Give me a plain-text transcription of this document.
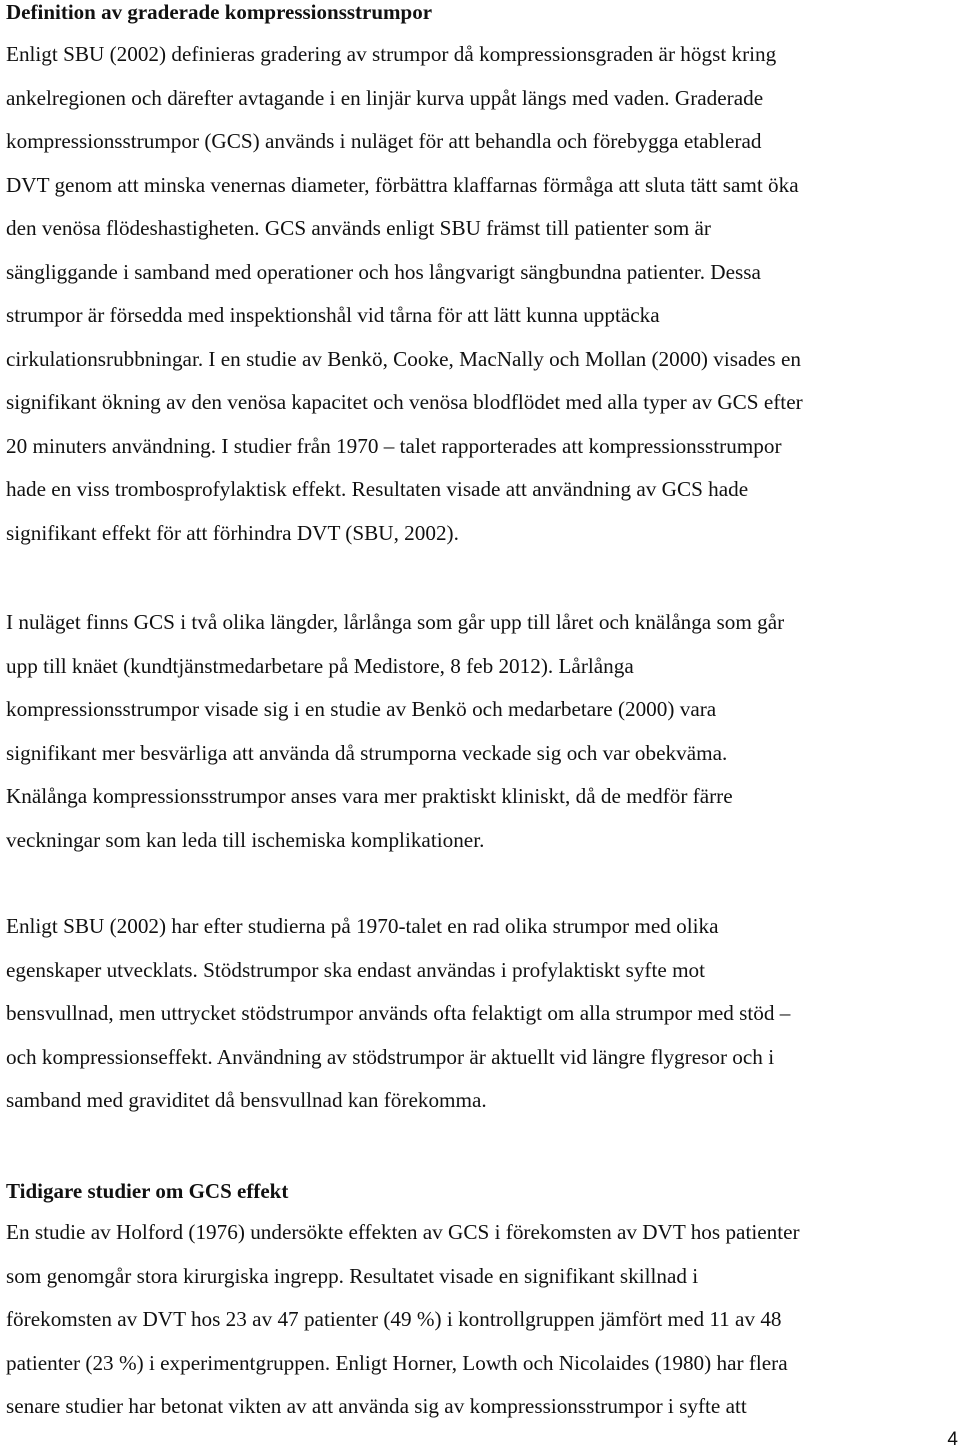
Definition av graderade kompressionsstrumpor

Enligt SBU (2002) definieras gradering av strumpor då kompressionsgraden är högst kring
ankelregionen och därefter avtagande i en linjär kurva uppåt längs med vaden. Graderade
kompressionsstrumpor (GCS) används i nuläget för att behandla och förebygga etablerad
DVT genom att minska venernas diameter, förbättra klaffarnas förmåga att sluta tätt samt öka
den venösa flödeshastigheten. GCS används enligt SBU främst till patienter som är
sängliggande i samband med operationer och hos långvarigt sängbundna patienter. Dessa
strumpor är försedda med inspektionshål vid tårna för att lätt kunna upptäcka
cirkulationsrubbningar. I en studie av Benkö, Cooke, MacNally och Mollan (2000) visades en
signifikant ökning av den venösa kapacitet och venösa blodflödet med alla typer av GCS efter
20 minuters användning. I studier från 1970 – talet rapporterades att kompressionsstrumpor
hade en viss trombosprofylaktisk effekt. Resultaten visade att användning av GCS hade
signifikant effekt för att förhindra DVT (SBU, 2002).

I nuläget finns GCS i två olika längder, lårlånga som går upp till låret och knälånga som går
upp till knäet (kundtjänstmedarbetare på Medistore, 8 feb 2012). Lårlånga
kompressionsstrumpor visade sig i en studie av Benkö och medarbetare (2000) vara
signifikant mer besvärliga att använda då strumporna veckade sig och var obekväma.
Knälånga kompressionsstrumpor anses vara mer praktiskt kliniskt, då de medför färre
veckningar som kan leda till ischemiska komplikationer.

Enligt SBU (2002) har efter studierna på 1970-talet en rad olika strumpor med olika
egenskaper utvecklats. Stödstrumpor ska endast användas i profylaktiskt syfte mot
bensvullnad, men uttrycket stödstrumpor används ofta felaktigt om alla strumpor med stöd –
och kompressionseffekt. Användning av stödstrumpor är aktuellt vid längre flygresor och i
samband med graviditet då bensvullnad kan förekomma.

Tidigare studier om GCS effekt

En studie av Holford (1976) undersökte effekten av GCS i förekomsten av DVT hos patienter
som genomgår stora kirurgiska ingrepp. Resultatet visade en signifikant skillnad i
förekomsten av DVT hos 23 av 47 patienter (49 %) i kontrollgruppen jämfört med 11 av 48
patienter (23 %) i experimentgruppen. Enligt Horner, Lowth och Nicolaides (1980) har flera
senare studier har betonat vikten av att använda sig av kompressionsstrumpor i syfte att

4
